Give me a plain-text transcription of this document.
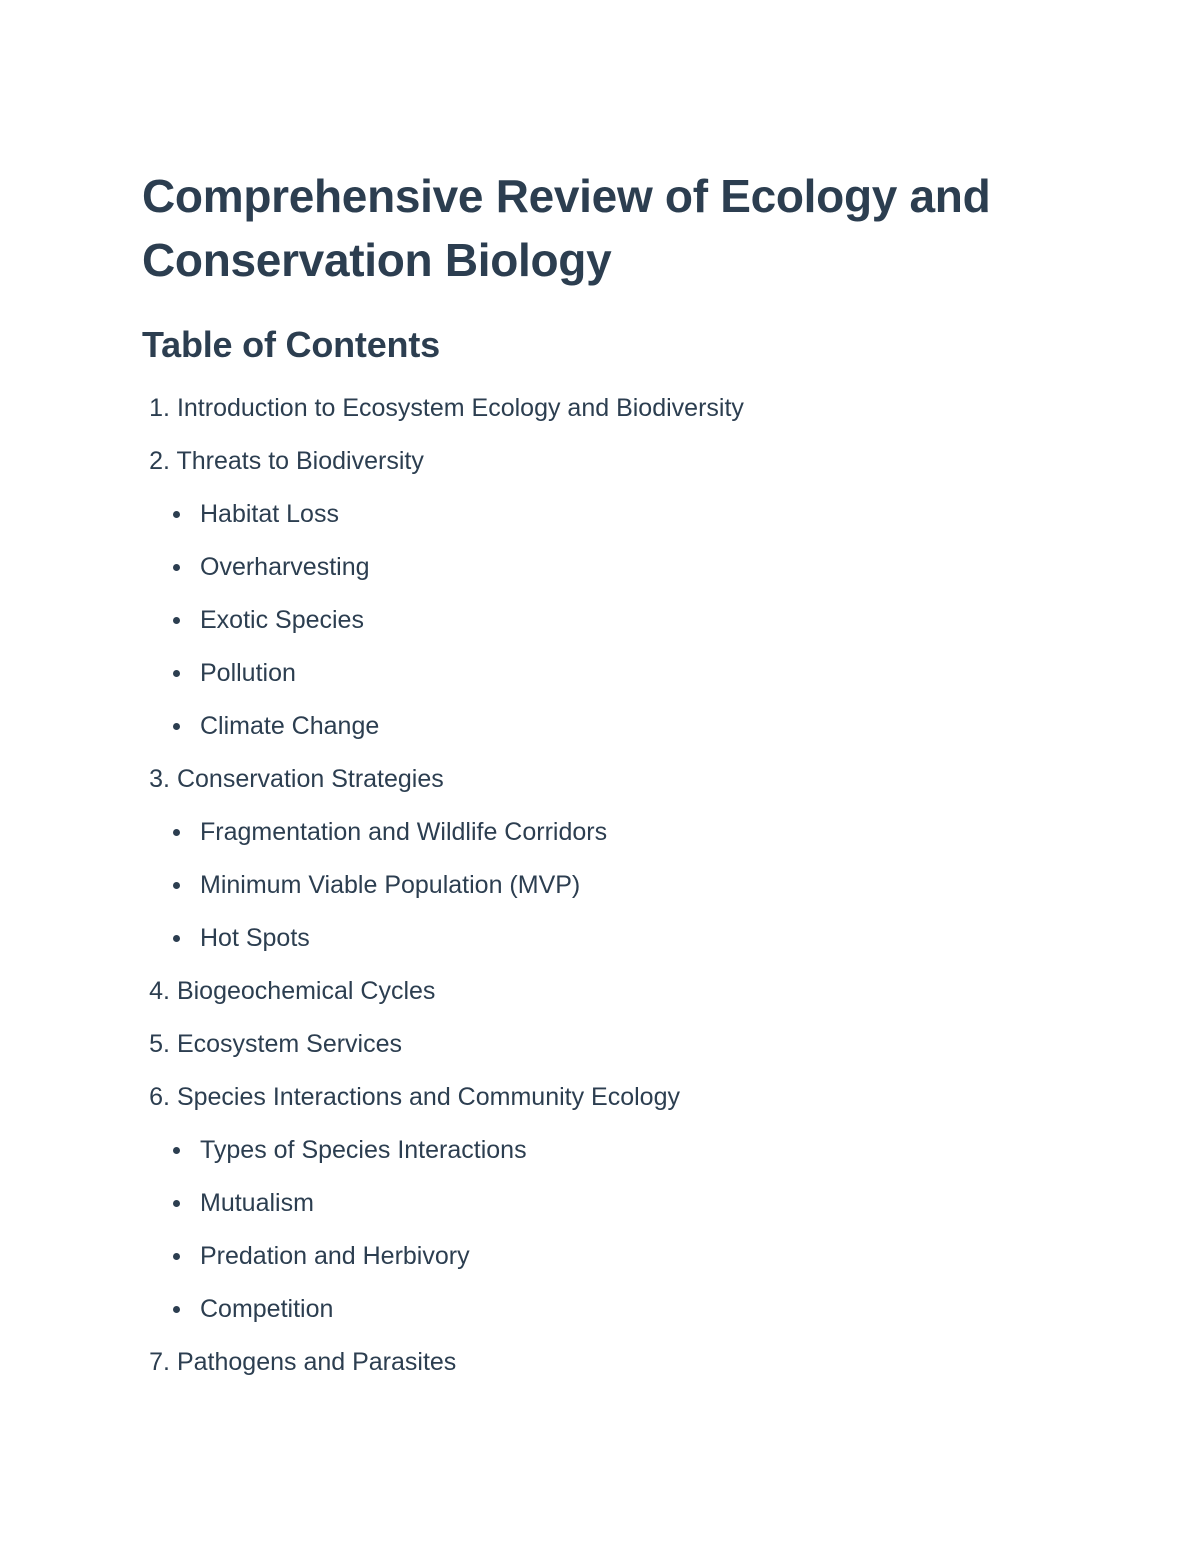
Comprehensive Review of Ecology and Conservation Biology
Table of Contents
1. Introduction to Ecosystem Ecology and Biodiversity
2. Threats to Biodiversity
Habitat Loss
Overharvesting
Exotic Species
Pollution
Climate Change
3. Conservation Strategies
Fragmentation and Wildlife Corridors
Minimum Viable Population (MVP)
Hot Spots
4. Biogeochemical Cycles
5. Ecosystem Services
6. Species Interactions and Community Ecology
Types of Species Interactions
Mutualism
Predation and Herbivory
Competition
7. Pathogens and Parasites
